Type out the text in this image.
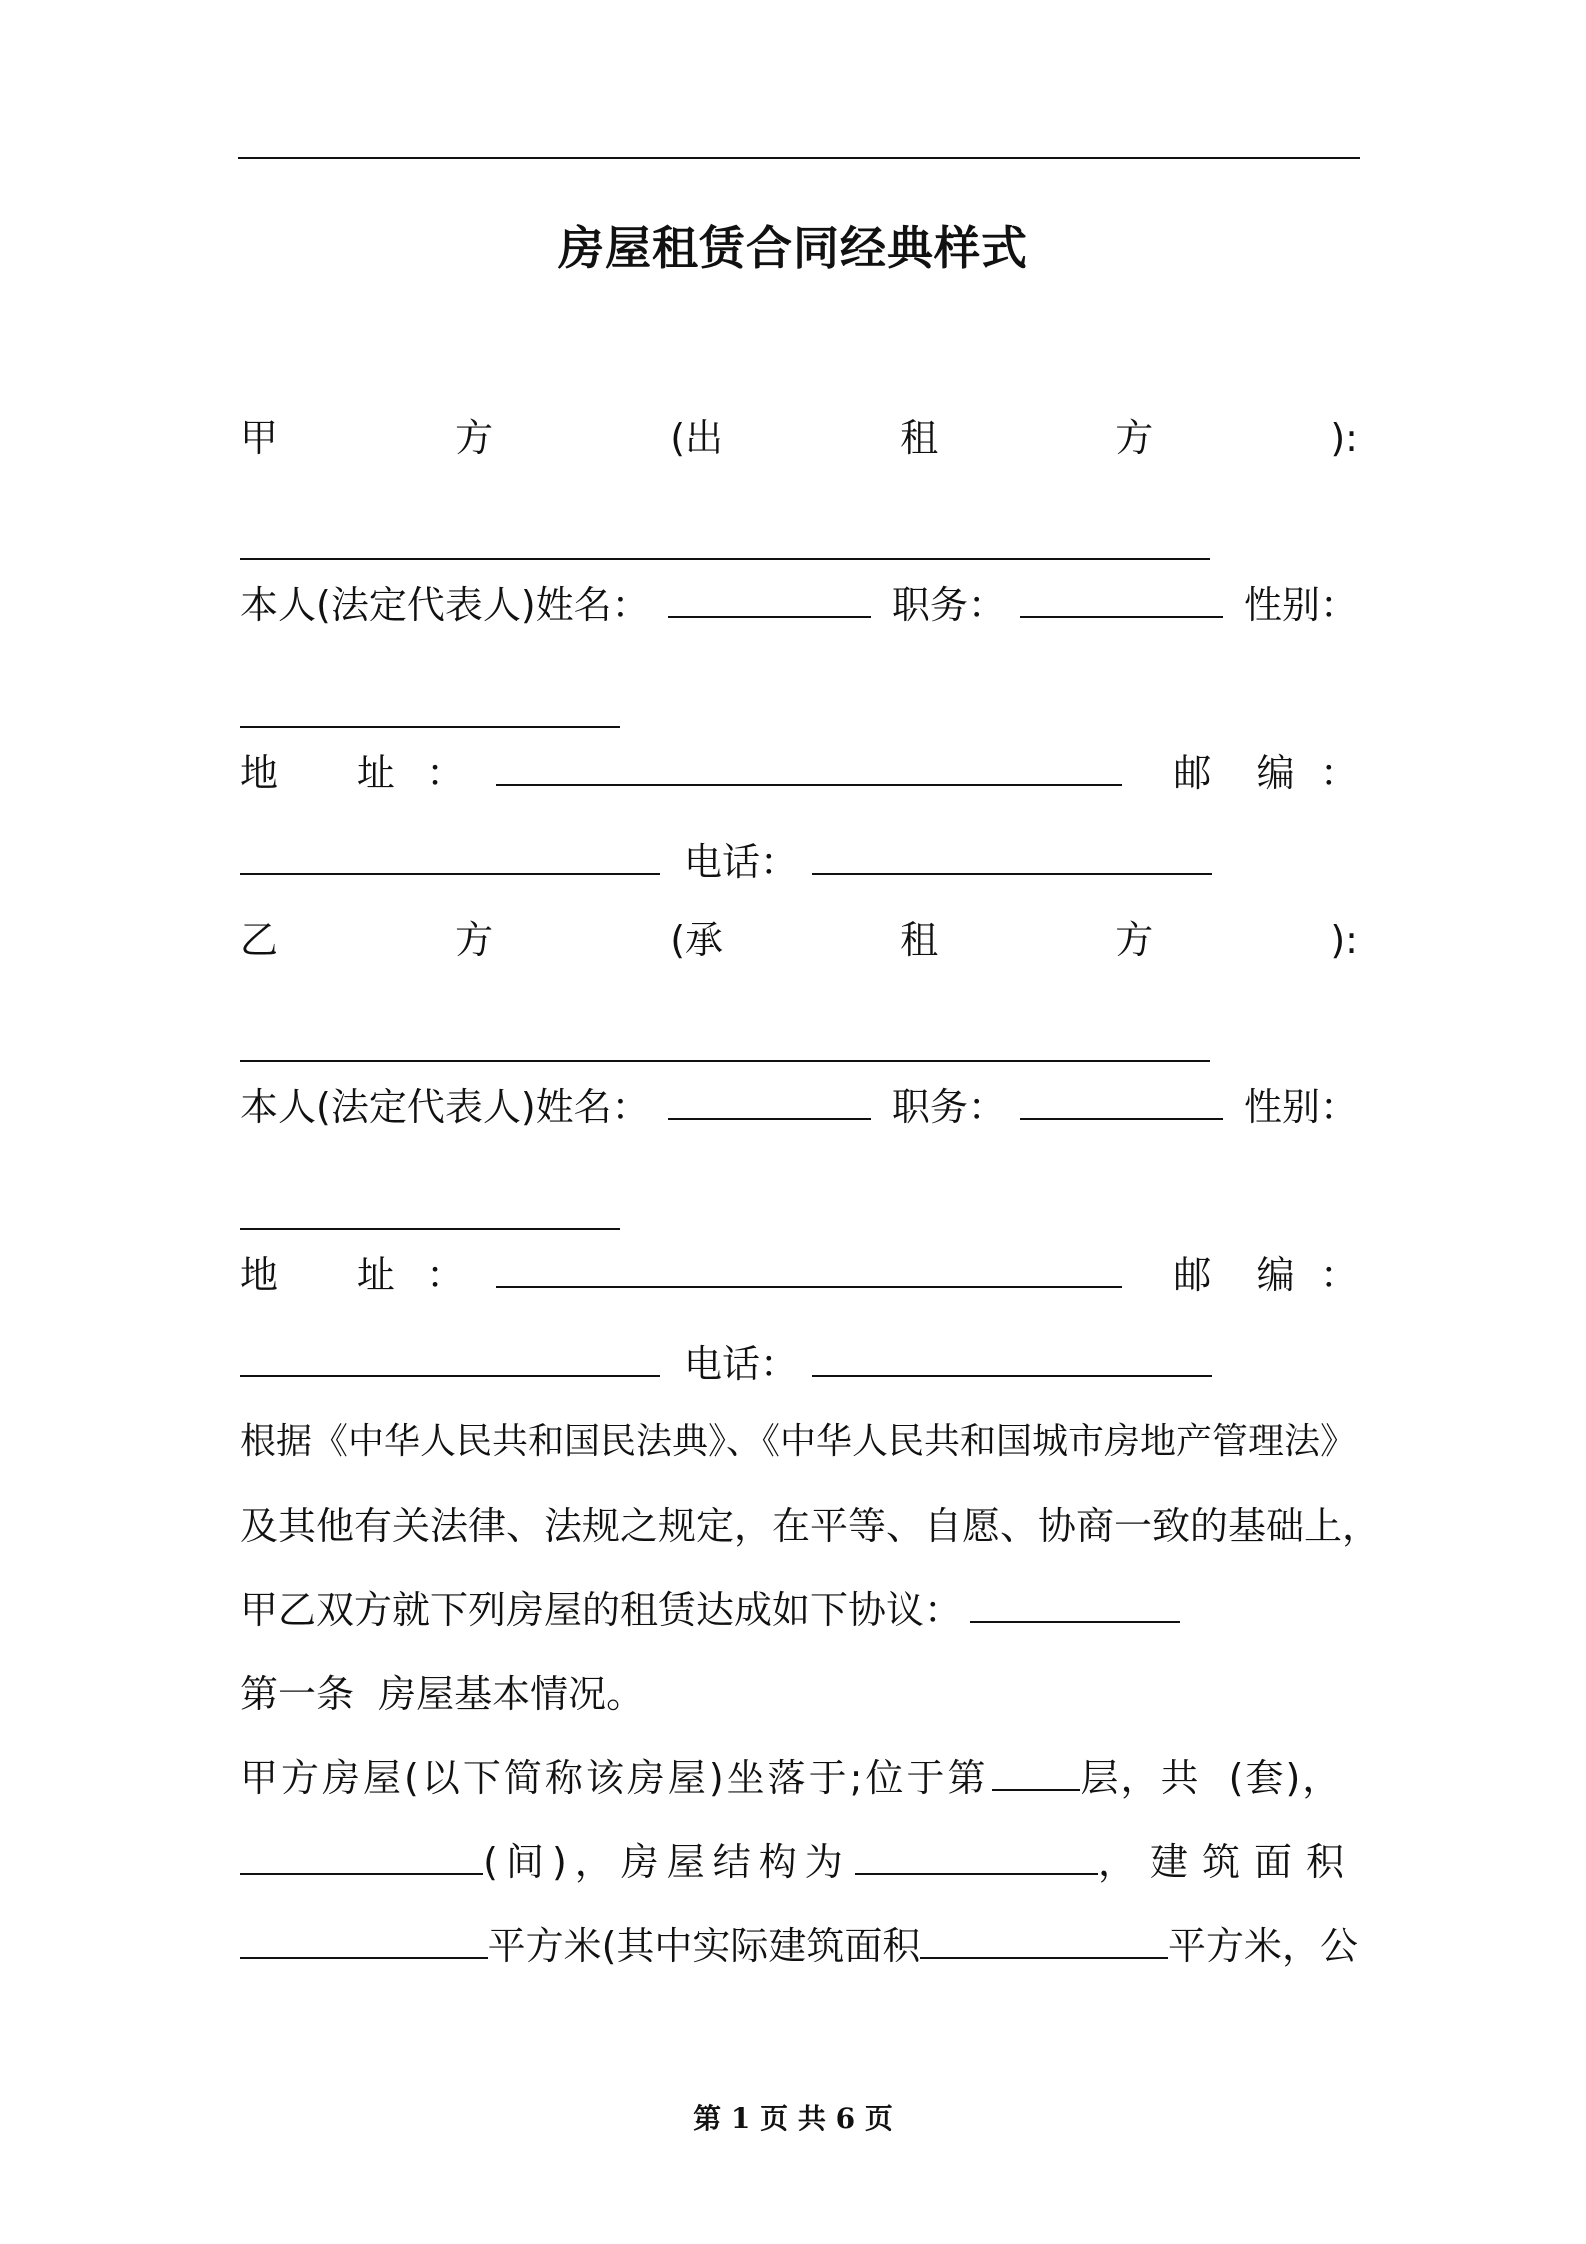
房屋租赁合同经典样式
甲	方	(出	租	方	):
本人(法定代表人)姓名：	职务：	性别：
地	址 ：	邮	编 ：
电话：
乙	方	(承	租	方	):
本人(法定代表人)姓名：	职务：	性别：
地	址 ：	邮	编 ：
电话：
根据《中华人民共和国民法典》、《中华人民共和国城市房地产管理法》
及其他有关法律、法规之规定，在平等、自愿、协商一致的基础上，
甲乙双方就下列房屋的租赁达成如下协议：
第一条  房屋基本情况。
甲方房屋(以下简称该房屋)坐落于;位于第 层，共  (套)，
(间)，房屋结构为	，建筑面积
平方米(其中实际建筑面积	平方米，公
第 1 页 共 6 页
